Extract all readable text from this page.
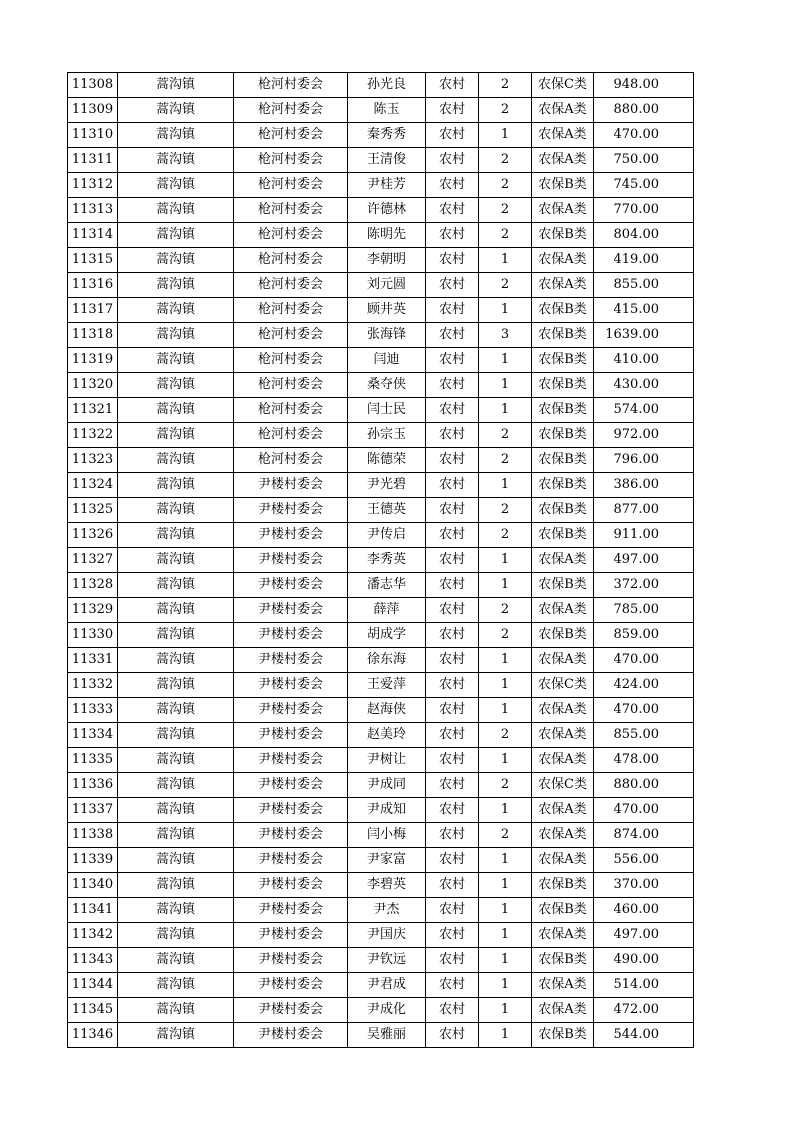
11308	蒿沟镇	枪河村委会	孙光良	农村	2	农保C类	948.00
11309	蒿沟镇	枪河村委会	陈玉	农村	2	农保A类	880.00
11310	蒿沟镇	枪河村委会	秦秀秀	农村	1	农保A类	470.00
11311	蒿沟镇	枪河村委会	王清俊	农村	2	农保A类	750.00
11312	蒿沟镇	枪河村委会	尹桂芳	农村	2	农保B类	745.00
11313	蒿沟镇	枪河村委会	许德林	农村	2	农保A类	770.00
11314	蒿沟镇	枪河村委会	陈明先	农村	2	农保B类	804.00
11315	蒿沟镇	枪河村委会	李朝明	农村	1	农保A类	419.00
11316	蒿沟镇	枪河村委会	刘元圆	农村	2	农保A类	855.00
11317	蒿沟镇	枪河村委会	顾井英	农村	1	农保B类	415.00
11318	蒿沟镇	枪河村委会	张海锋	农村	3	农保B类	1639.00
11319	蒿沟镇	枪河村委会	闫迪	农村	1	农保B类	410.00
11320	蒿沟镇	枪河村委会	桑夺侠	农村	1	农保B类	430.00
11321	蒿沟镇	枪河村委会	闫士民	农村	1	农保B类	574.00
11322	蒿沟镇	枪河村委会	孙宗玉	农村	2	农保B类	972.00
11323	蒿沟镇	枪河村委会	陈德荣	农村	2	农保B类	796.00
11324	蒿沟镇	尹楼村委会	尹光碧	农村	1	农保B类	386.00
11325	蒿沟镇	尹楼村委会	王德英	农村	2	农保B类	877.00
11326	蒿沟镇	尹楼村委会	尹传启	农村	2	农保B类	911.00
11327	蒿沟镇	尹楼村委会	李秀英	农村	1	农保A类	497.00
11328	蒿沟镇	尹楼村委会	潘志华	农村	1	农保B类	372.00
11329	蒿沟镇	尹楼村委会	薛萍	农村	2	农保A类	785.00
11330	蒿沟镇	尹楼村委会	胡成学	农村	2	农保B类	859.00
11331	蒿沟镇	尹楼村委会	徐东海	农村	1	农保A类	470.00
11332	蒿沟镇	尹楼村委会	王爱萍	农村	1	农保C类	424.00
11333	蒿沟镇	尹楼村委会	赵海侠	农村	1	农保A类	470.00
11334	蒿沟镇	尹楼村委会	赵美玲	农村	2	农保A类	855.00
11335	蒿沟镇	尹楼村委会	尹树让	农村	1	农保A类	478.00
11336	蒿沟镇	尹楼村委会	尹成同	农村	2	农保C类	880.00
11337	蒿沟镇	尹楼村委会	尹成知	农村	1	农保A类	470.00
11338	蒿沟镇	尹楼村委会	闫小梅	农村	2	农保A类	874.00
11339	蒿沟镇	尹楼村委会	尹家富	农村	1	农保A类	556.00
11340	蒿沟镇	尹楼村委会	李碧英	农村	1	农保B类	370.00
11341	蒿沟镇	尹楼村委会	尹杰	农村	1	农保B类	460.00
11342	蒿沟镇	尹楼村委会	尹国庆	农村	1	农保A类	497.00
11343	蒿沟镇	尹楼村委会	尹钦远	农村	1	农保B类	490.00
11344	蒿沟镇	尹楼村委会	尹君成	农村	1	农保A类	514.00
11345	蒿沟镇	尹楼村委会	尹成化	农村	1	农保A类	472.00
11346	蒿沟镇	尹楼村委会	吴雅丽	农村	1	农保B类	544.00
